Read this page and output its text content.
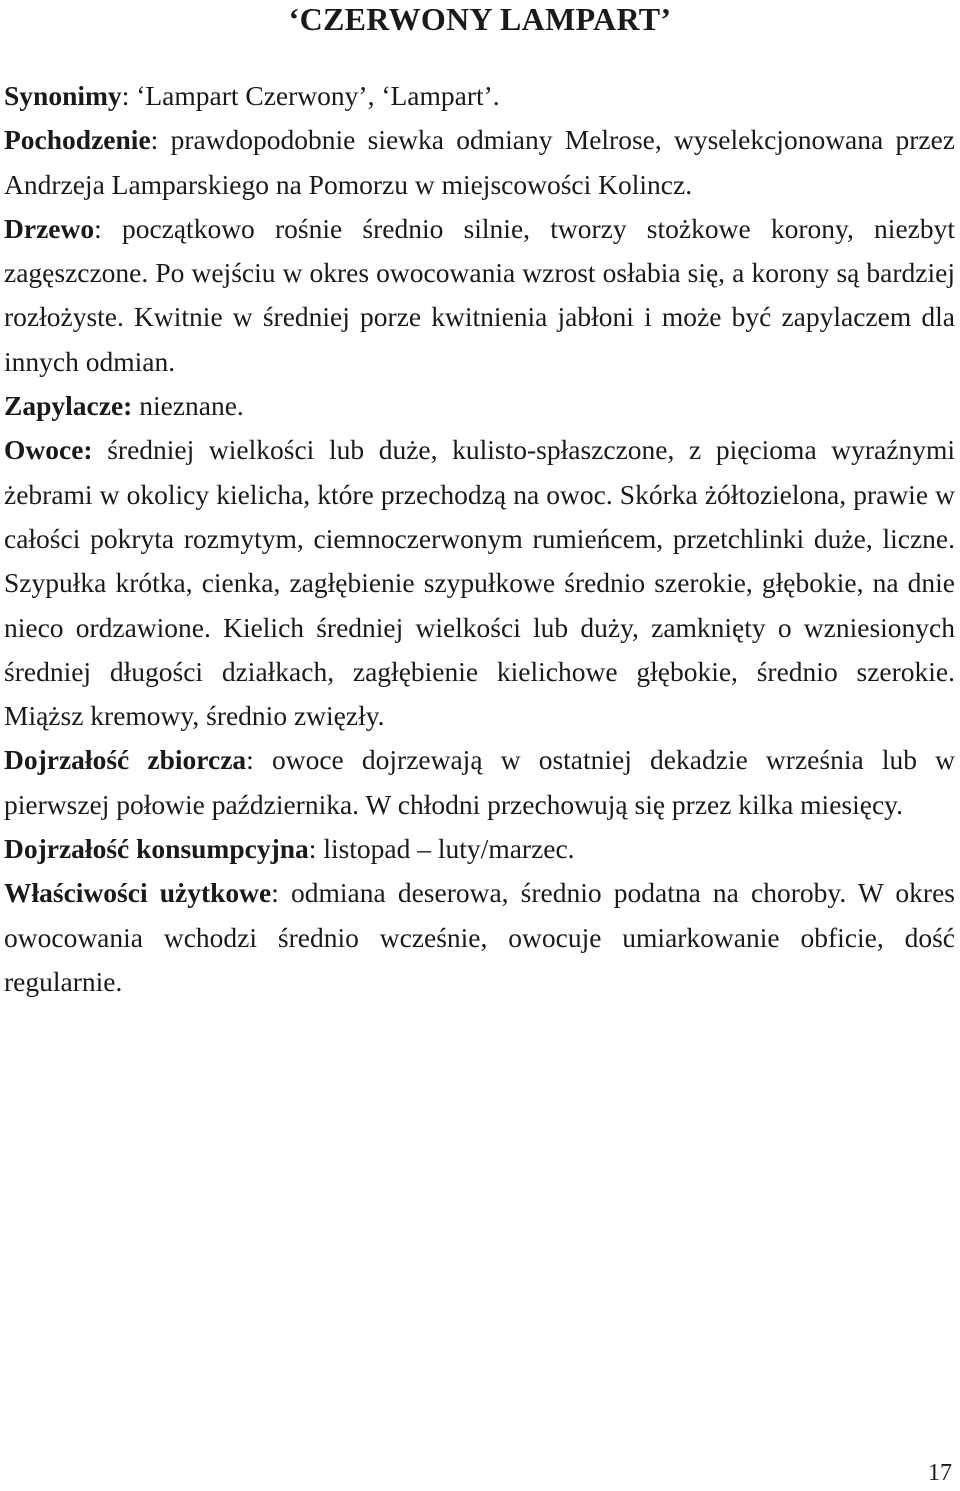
‘CZERWONY LAMPART’

Synonimy: ‘Lampart Czerwony’, ‘Lampart’.

Pochodzenie: prawdopodobnie siewka odmiany Melrose, wyselekcjonowana przez Andrzeja Lamparskiego na Pomorzu w miejscowości Kolincz.

Drzewo: początkowo rośnie średnio silnie, tworzy stożkowe korony, niezbyt zagęszczone. Po wejściu w okres owocowania wzrost osłabia się, a korony są bardziej rozłożyste. Kwitnie w średniej porze kwitnienia jabłoni i może być zapylaczem dla innych odmian.

Zapylacze: nieznane.

Owoce: średniej wielkości lub duże, kulisto-spłaszczone, z pięcioma wyraźnymi żebrami w okolicy kielicha, które przechodzą na owoc. Skórka żółtozielona, prawie w całości pokryta rozmytym, ciemnoczerwonym rumieńcem, przetchlinki duże, liczne. Szypułka krótka, cienka, zagłębienie szypułkowe średnio szerokie, głębokie, na dnie nieco ordzawione. Kielich średniej wielkości lub duży, zamknięty o wzniesionych średniej długości działkach, zagłębienie kielichowe głębokie, średnio szerokie. Miąższ kremowy, średnio zwięzły.

Dojrzałość zbiorcza: owoce dojrzewają w ostatniej dekadzie września lub w pierwszej połowie października. W chłodni przechowują się przez kilka miesięcy.

Dojrzałość konsumpcyjna: listopad – luty/marzec.

Właściwości użytkowe: odmiana deserowa, średnio podatna na choroby. W okres owocowania wchodzi średnio wcześnie, owocuje umiarkowanie obficie, dość regularnie.

17
